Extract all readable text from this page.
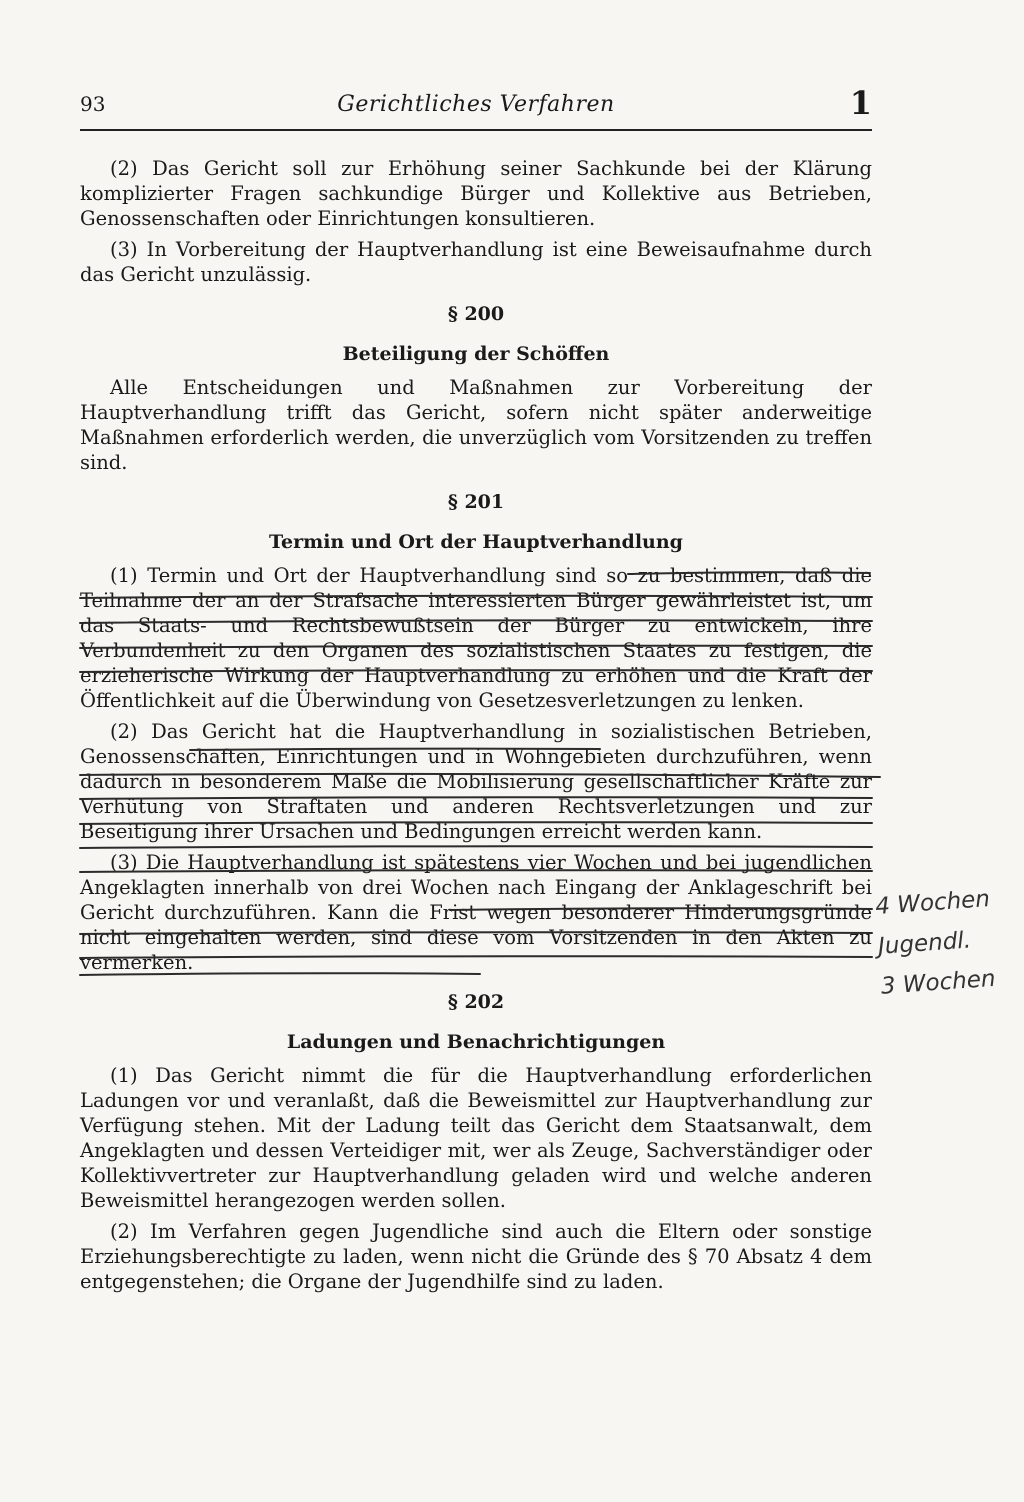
93	Gerichtliches Verfahren	1

(2) Das Gericht soll zur Erhöhung seiner Sachkunde bei der Klärung komplizierter Fragen sachkundige Bürger und Kollektive aus Betrieben, Genossenschaften oder Einrichtungen konsultieren.

(3) In Vorbereitung der Hauptverhandlung ist eine Beweisaufnahme durch das Gericht unzulässig.

§ 200
Beteiligung der Schöffen

Alle Entscheidungen und Maßnahmen zur Vorbereitung der Hauptverhandlung trifft das Gericht, sofern nicht später anderweitige Maßnahmen erforderlich werden, die unverzüglich vom Vorsitzenden zu treffen sind.

§ 201
Termin und Ort der Hauptverhandlung

(1) Termin und Ort der Hauptverhandlung sind so zu bestimmen, daß die Teilnahme der an der Strafsache interessierten Bürger gewährleistet ist, um das Staats- und Rechtsbewußtsein der Bürger zu entwickeln, ihre Verbundenheit zu den Organen des sozialistischen Staates zu festigen, die erzieherische Wirkung der Hauptverhandlung zu erhöhen und die Kraft der Öffentlichkeit auf die Überwindung von Gesetzesverletzungen zu lenken.

(2) Das Gericht hat die Hauptverhandlung in sozialistischen Betrieben, Genossenschaften, Einrichtungen und in Wohngebieten durchzuführen, wenn dadurch in besonderem Maße die Mobilisierung gesellschaftlicher Kräfte zur Verhütung von Straftaten und anderen Rechtsverletzungen und zur Beseitigung ihrer Ursachen und Bedingungen erreicht werden kann.

(3) Die Hauptverhandlung ist spätestens vier Wochen und bei jugendlichen Angeklagten innerhalb von drei Wochen nach Eingang der Anklageschrift bei Gericht durchzuführen. Kann die Frist wegen besonderer Hinderungsgründe nicht eingehalten werden, sind diese vom Vorsitzenden in den Akten zu vermerken.

§ 202
Ladungen und Benachrichtigungen

(1) Das Gericht nimmt die für die Hauptverhandlung erforderlichen Ladungen vor und veranlaßt, daß die Beweismittel zur Hauptverhandlung zur Verfügung stehen. Mit der Ladung teilt das Gericht dem Staatsanwalt, dem Angeklagten und dessen Verteidiger mit, wer als Zeuge, Sachverständiger oder Kollektivvertreter zur Hauptverhandlung geladen wird und welche anderen Beweismittel herangezogen werden sollen.

(2) Im Verfahren gegen Jugendliche sind auch die Eltern oder sonstige Erziehungsberechtigte zu laden, wenn nicht die Gründe des § 70 Absatz 4 dem entgegenstehen; die Organe der Jugendhilfe sind zu laden.

4 Wochen
Jugendl.
3 Wochen
